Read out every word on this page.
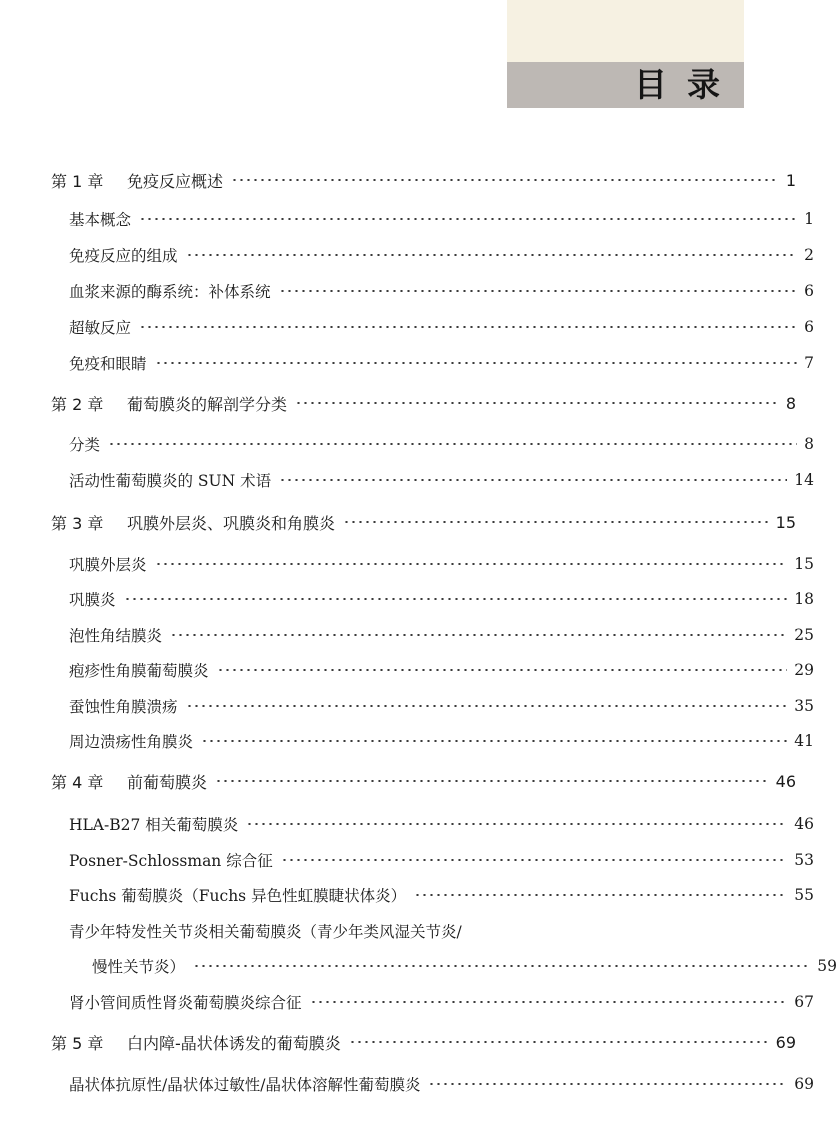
目录
第 1 章	免疫反应概述	1
基本概念	1
免疫反应的组成	2
血浆来源的酶系统：补体系统	6
超敏反应	6
免疫和眼睛	7
第 2 章	葡萄膜炎的解剖学分类	8
分类	8
活动性葡萄膜炎的 SUN 术语	14
第 3 章	巩膜外层炎、巩膜炎和角膜炎	15
巩膜外层炎	15
巩膜炎	18
泡性角结膜炎	25
疱疹性角膜葡萄膜炎	29
蚕蚀性角膜溃疡	35
周边溃疡性角膜炎	41
第 4 章	前葡萄膜炎	46
HLA-B27 相关葡萄膜炎	46
Posner-Schlossman 综合征	53
Fuchs 葡萄膜炎（Fuchs 异色性虹膜睫状体炎）	55
青少年特发性关节炎相关葡萄膜炎（青少年类风湿关节炎/
慢性关节炎）	59
肾小管间质性肾炎葡萄膜炎综合征	67
第 5 章	白内障-晶状体诱发的葡萄膜炎	69
晶状体抗原性/晶状体过敏性/晶状体溶解性葡萄膜炎	69
